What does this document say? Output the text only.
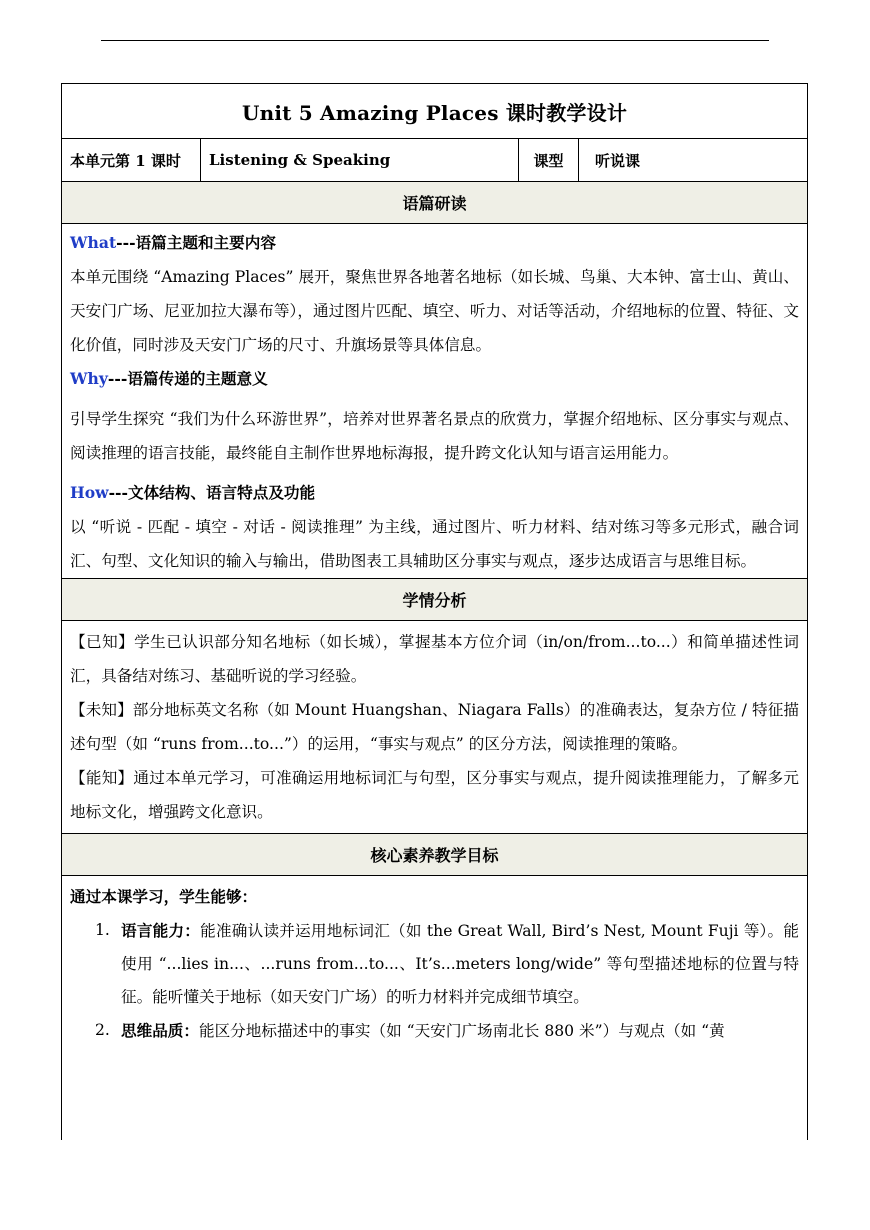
Unit 5 Amazing Places 课时教学设计
本单元第 1 课时	Listening & Speaking	课型	听说课
语篇研读
What---语篇主题和主要内容

本单元围绕 “Amazing Places” 展开，聚焦世界各地著名地标（如长城、鸟巢、大本钟、富士山、黄山、天安门广场、尼亚加拉大瀑布等），通过图片匹配、填空、听力、对话等活动，介绍地标的位置、特征、文化价值，同时涉及天安门广场的尺寸、升旗场景等具体信息。

Why---语篇传递的主题意义

引导学生探究 “我们为什么环游世界”，培养对世界著名景点的欣赏力，掌握介绍地标、区分事实与观点、阅读推理的语言技能，最终能自主制作世界地标海报，提升跨文化认知与语言运用能力。

How---文体结构、语言特点及功能

以 “听说 - 匹配 - 填空 - 对话 - 阅读推理” 为主线，通过图片、听力材料、结对练习等多元形式，融合词汇、句型、文化知识的输入与输出，借助图表工具辅助区分事实与观点，逐步达成语言与思维目标。

学情分析

【已知】学生已认识部分知名地标（如长城），掌握基本方位介词（in/on/from...to...）和简单描述性词汇，具备结对练习、基础听说的学习经验。

【未知】部分地标英文名称（如 Mount Huangshan、Niagara Falls）的准确表达，复杂方位 / 特征描述句型（如 “runs from...to...”）的运用，“事实与观点” 的区分方法，阅读推理的策略。

【能知】通过本单元学习，可准确运用地标词汇与句型，区分事实与观点，提升阅读推理能力，了解多元地标文化，增强跨文化意识。

核心素养教学目标
通过本课学习，学生能够：
1. 语言能力：能准确认读并运用地标词汇（如 the Great Wall, Bird’s Nest, Mount Fuji 等）。能使用 “...lies in...、...runs from...to...、It’s...meters long/wide” 等句型描述地标的位置与特征。能听懂关于地标（如天安门广场）的听力材料并完成细节填空。
2. 思维品质：能区分地标描述中的事实（如 “天安门广场南北长 880 米”）与观点（如 “黄
